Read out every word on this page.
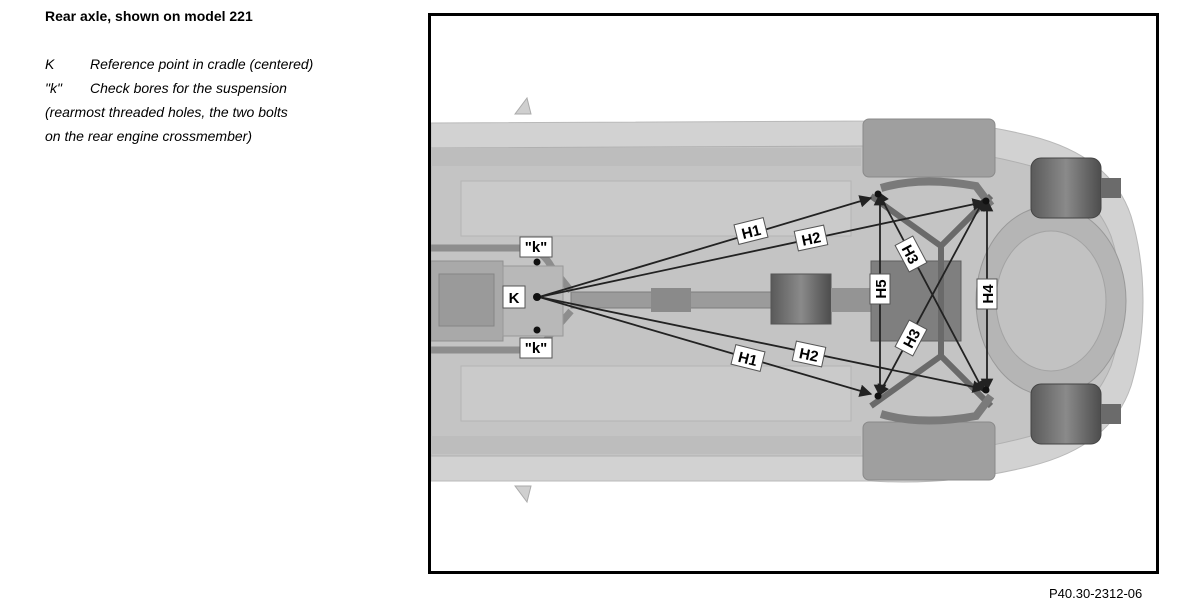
Rear axle, shown on model 221
K	Reference point in cradle (centered)
"k"	Check bores for the suspension
(rearmost threaded holes, the two bolts
on the rear engine crossmember)
"k"
"k"
K
H1 H2
H1	H2
H3
H3
H5	H4
P40.30-2312-06
